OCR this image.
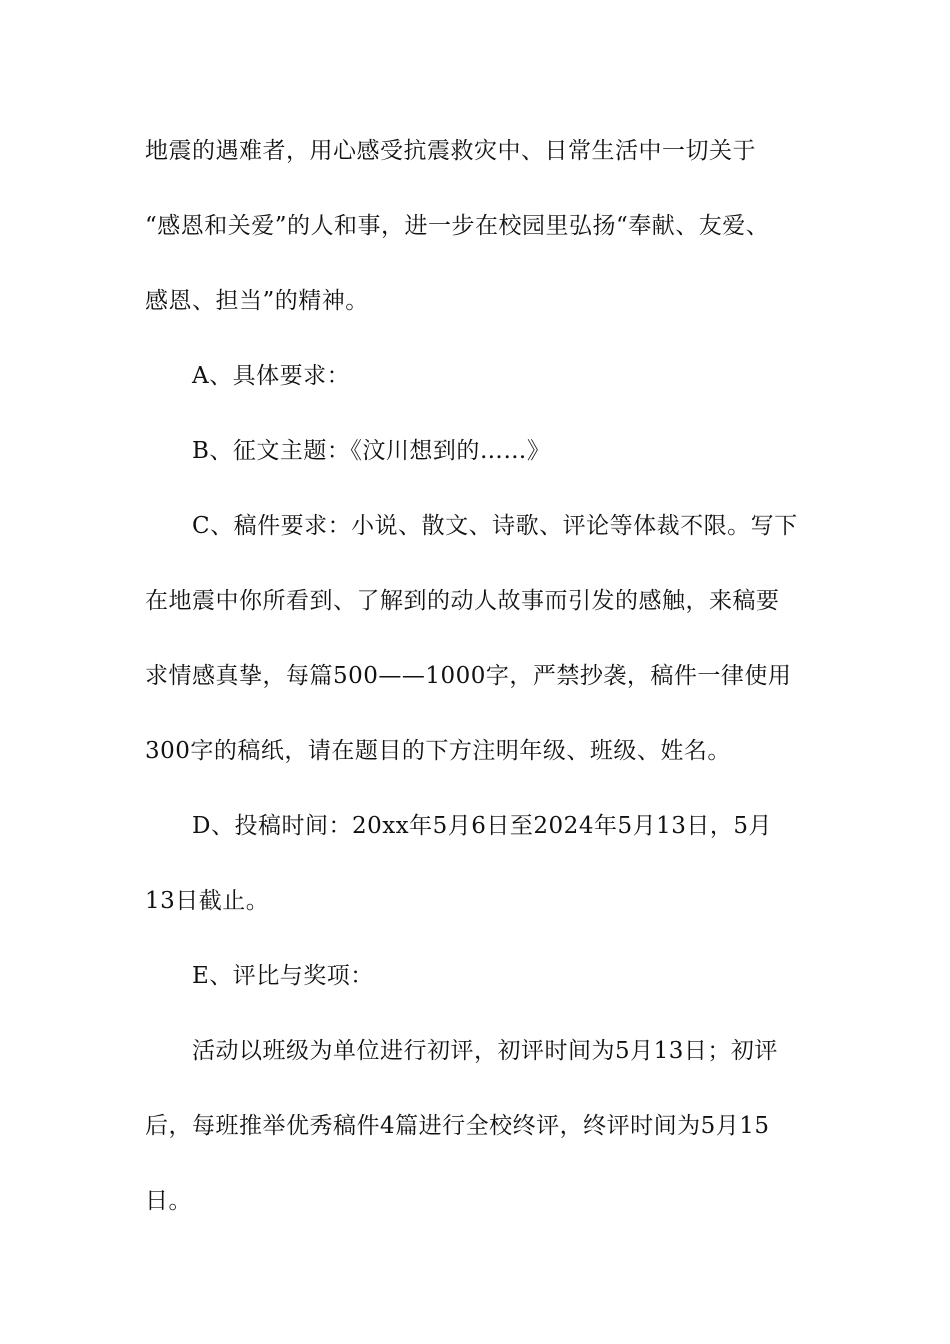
地震的遇难者，用心感受抗震救灾中、日常生活中一切关于
“感恩和关爱”的人和事，进一步在校园里弘扬“奉献、友爱、
感恩、担当”的精神。
A、具体要求：
B、征文主题：《汶川想到的……》
C、稿件要求：小说、散文、诗歌、评论等体裁不限。写下
在地震中你所看到、了解到的动人故事而引发的感触，来稿要
求情感真挚，每篇500——1000字，严禁抄袭，稿件一律使用
300字的稿纸，请在题目的下方注明年级、班级、姓名。
D、投稿时间：20xx年5月6日至2024年5月13日，5月
13日截止。
E、评比与奖项：
活动以班级为单位进行初评，初评时间为5月13日；初评
后，每班推举优秀稿件4篇进行全校终评，终评时间为5月15
日。
